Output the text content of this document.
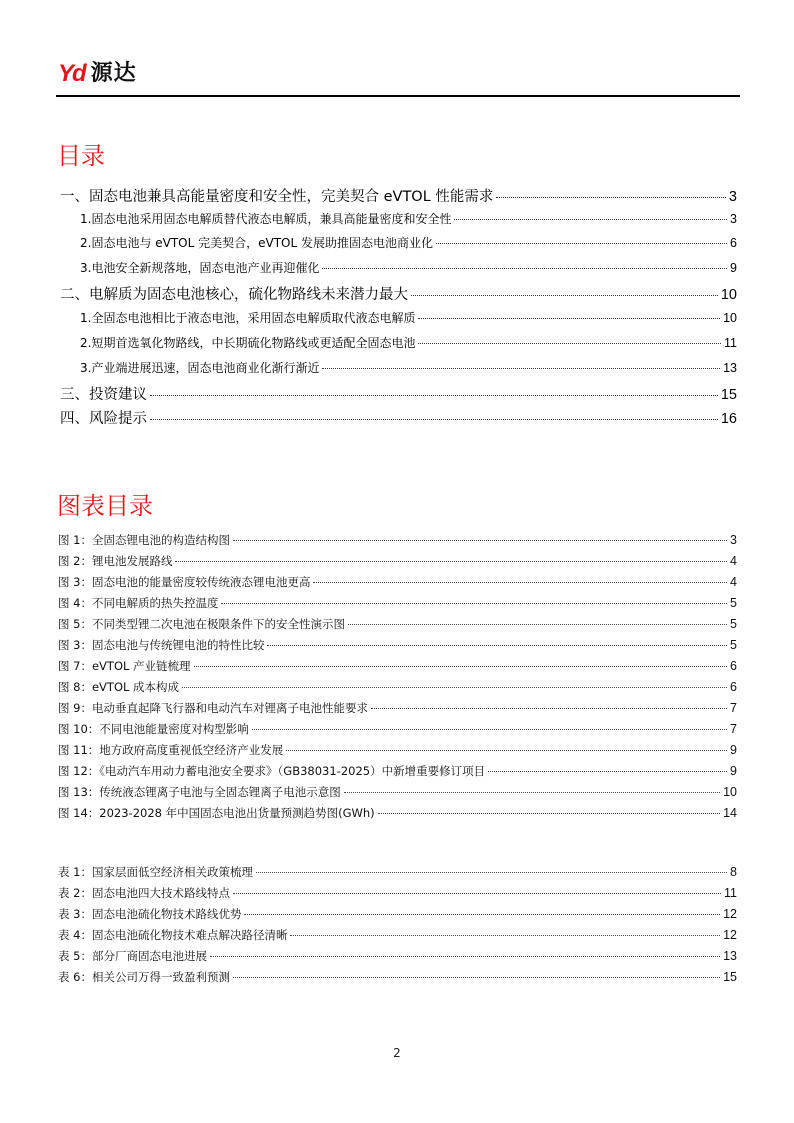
Yd 源达
目录
一、固态电池兼具高能量密度和安全性，完美契合 eVTOL 性能需求	3
1.固态电池采用固态电解质替代液态电解质，兼具高能量密度和安全性	3
2.固态电池与 eVTOL 完美契合，eVTOL 发展助推固态电池商业化	6
3.电池安全新规落地，固态电池产业再迎催化	9
二、电解质为固态电池核心，硫化物路线未来潜力最大	10
1.全固态电池相比于液态电池，采用固态电解质取代液态电解质	10
2.短期首选氧化物路线，中长期硫化物路线或更适配全固态电池	11
3.产业端进展迅速，固态电池商业化渐行渐近	13
三、投资建议	15
四、风险提示	16
图表目录
图 1：全固态锂电池的构造结构图	3
图 2：锂电池发展路线	4
图 3：固态电池的能量密度较传统液态锂电池更高	4
图 4：不同电解质的热失控温度	5
图 5：不同类型锂二次电池在极限条件下的安全性演示图	5
图 3：固态电池与传统锂电池的特性比较	5
图 7：eVTOL 产业链梳理	6
图 8：eVTOL 成本构成	6
图 9：电动垂直起降飞行器和电动汽车对锂离子电池性能要求	7
图 10：不同电池能量密度对构型影响	7
图 11：地方政府高度重视低空经济产业发展	9
图 12：《电动汽车用动力蓄电池安全要求》（GB38031-2025）中新增重要修订项目	9
图 13：传统液态锂离子电池与全固态锂离子电池示意图	10
图 14：2023-2028 年中国固态电池出货量预测趋势图(GWh)	14
表 1：国家层面低空经济相关政策梳理	8
表 2：固态电池四大技术路线特点	11
表 3：固态电池硫化物技术路线优势	12
表 4：固态电池硫化物技术难点解决路径清晰	12
表 5：部分厂商固态电池进展	13
表 6：相关公司万得一致盈利预测	15
2
